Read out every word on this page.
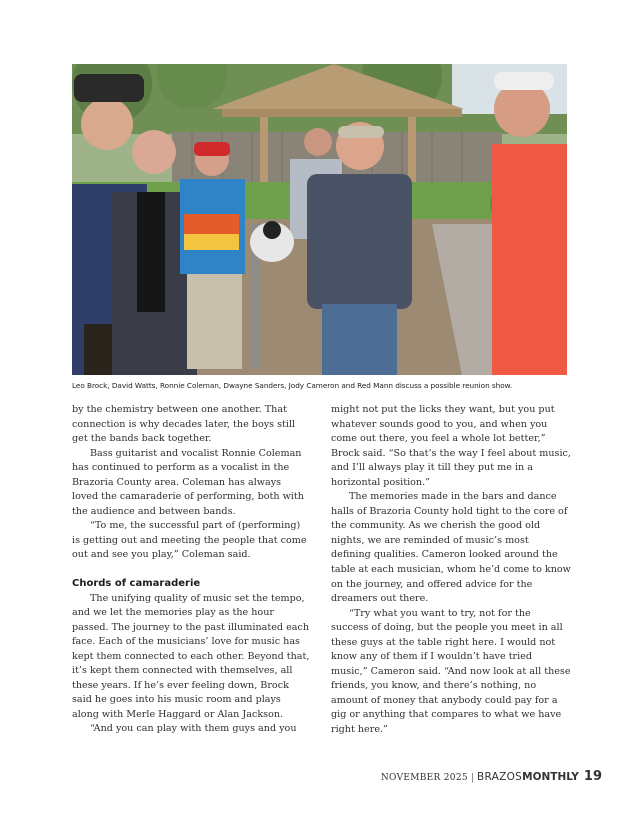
Leo Brock, David Watts, Ronnie Coleman, Dwayne Sanders, Jody Cameron and Red Mann discuss a possible reunion show.

by the chemistry between one another. That connection is why decades later, the boys still get the bands back together.

Bass guitarist and vocalist Ronnie Coleman has continued to perform as a vocalist in the Brazoria County area. Coleman has always loved the camaraderie of performing, both with the audience and between bands.

“To me, the successful part of (performing) is getting out and meeting the people that come out and see you play,” Coleman said.

Chords of camaraderie

The unifying quality of music set the tempo, and we let the memories play as the hour passed. The journey to the past illuminated each face. Each of the musicians’ love for music has kept them connected to each other. Beyond that, it’s kept them connected with themselves, all these years. If he’s ever feeling down, Brock said he goes into his music room and plays along with Merle Haggard or Alan Jackson.

“And you can play with them guys and you

might not put the licks they want, but you put whatever sounds good to you, and when you come out there, you feel a whole lot better,” Brock said. “So that’s the way I feel about music, and I’ll always play it till they put me in a horizontal position.”

The memories made in the bars and dance halls of Brazoria County hold tight to the core of the community. As we cherish the good old nights, we are reminded of music’s most defining qualities. Cameron looked around the table at each musician, whom he’d come to know on the journey, and offered advice for the dreamers out there.

“Try what you want to try, not for the success of doing, but the people you meet in all these guys at the table right here. I would not know any of them if I wouldn’t have tried music,” Cameron said. “And now look at all these friends, you know, and there’s nothing, no amount of money that anybody could pay for a gig or anything that compares to what we have right here.”

NOVEMBER 2025 | BRAZOSMONTHLY 19
